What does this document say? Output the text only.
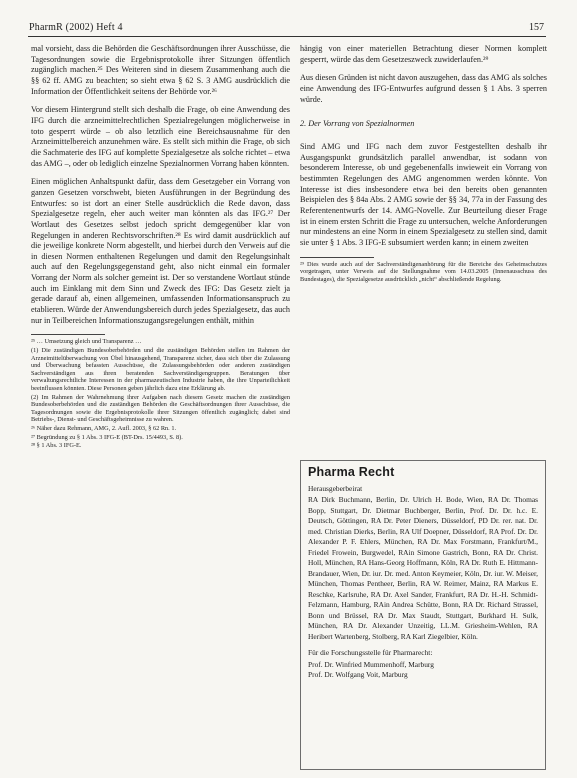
PharmR (2002) Heft 4	157

mal vorsieht, dass die Behörden die Geschäftsordnungen ihrer Ausschüsse, die Tagesordnungen sowie die Ergebnisprotokolle ihrer Sitzungen öffentlich zugänglich machen.²⁵ Des Weiteren sind in diesem Zusammenhang auch die §§ 62 ff. AMG zu beachten; so sieht etwa § 62 S. 3 AMG ausdrücklich die Information der Öffentlichkeit seitens der Behörde vor.²⁶

Vor diesem Hintergrund stellt sich deshalb die Frage, ob eine Anwendung des IFG durch die arzneimittelrechtlichen Spezialregelungen möglicherweise in toto gesperrt würde – ob also letztlich eine Bereichsausnahme für den Arzneimittelbereich anzunehmen wäre. Es stellt sich mithin die Frage, ob sich die Sachmaterie des IFG auf komplette Spezialgesetze als solche richtet – etwa das AMG –, oder ob lediglich einzelne Spezialnormen Vorrang haben könnten.

Einen möglichen Anhaltspunkt dafür, dass dem Gesetzgeber ein Vorrang von ganzen Gesetzen vorschwebt, bieten Ausführungen in der Begründung des Entwurfes: so ist dort an einer Stelle ausdrücklich die Rede davon, dass Spezialgesetze regeln, eher auch weiter man könnten als das IFG.²⁷ Der Wortlaut des Gesetzes selbst jedoch spricht demgegenüber klar von Regelungen in anderen Rechtsvorschriften.²⁸ Es wird damit ausdrücklich auf die jeweilige konkrete Norm abgestellt, und hierbei durch den Verweis auf die in diesen Normen enthaltenen Regelungen und damit den Regelungsinhalt auch auf den Regelungsgegenstand geht, also nicht einmal ein formaler Vorrang der Norm als solcher gemeint ist. Der so verstandene Wortlaut stünde auch im Einklang mit dem Sinn und Zweck des IFG: Das Gesetz zielt ja gerade darauf ab, einen allgemeinen, umfassenden Informationsanspruch zu etablieren. Würde der Anwendungsbereich durch jedes Spezialgesetz, das auch nur in Teilbereichen Informationszugangsregelungen enthält, mithin

²⁵ … Umsetzung gleich und Transparenz …
(1) Die zuständigen Bundesoberbehörden und die zuständigen Behörden stellen im Rahmen der Arzneimittelüberwachung von Übel hinausgehend, Transparenz sicher, dass sich über die Zulassung und Überwachung befassten Ausschüsse, die Zulassungsbehörden oder anderen zuständigen Sachverständigen aus ihren beratenden Sachverständigengruppen. Beratungen über verwaltungsrechtliche Interessen in der pharmazeutischen Industrie haben, die ihre Unparteilichkeit beeinflussen könnten. Diese Personen geben jährlich dazu eine Erklärung ab.
(2) Im Rahmen der Wahrnehmung ihrer Aufgaben nach diesem Gesetz machen die zuständigen Bundesoberbehörden und die zuständigen Behörden die Geschäftsordnungen ihrer Ausschüsse, die Tagesordnungen sowie die Ergebnisprotokolle ihrer Sitzungen öffentlich zugänglich; dabei sind Betriebs-, Dienst- und Geschäftsgeheimnisse zu wahren.
²⁶ Näher dazu Rehmann, AMG, 2. Aufl. 2003, § 62 Rn. 1.
²⁷ Begründung zu § 1 Abs. 3 IFG-E (BT-Drs. 15/4493, S. 8).
²⁸ § 1 Abs. 3 IFG-E.

hängig von einer materiellen Betrachtung dieser Normen komplett gesperrt, würde das dem Gesetzeszweck zuwiderlaufen.²⁹

Aus diesen Gründen ist nicht davon auszugehen, dass das AMG als solches eine Anwendung des IFG-Entwurfes aufgrund dessen § 1 Abs. 3 sperren würde.

2. Der Vorrang von Spezialnormen

Sind AMG und IFG nach dem zuvor Festgestellten deshalb ihr Ausgangspunkt grundsätzlich parallel anwendbar, ist sodann von besonderem Interesse, ob und gegebenenfalls inwieweit ein Vorrang von bestimmten Regelungen des AMG angenommen werden könnte. Von Interesse ist dies insbesondere etwa bei den bereits oben genannten Beispielen des § 84a Abs. 2 AMG sowie der §§ 34, 77a in der Fassung des Referentenentwurfs der 14. AMG-Novelle. Zur Beurteilung dieser Frage ist in einem ersten Schritt die Frage zu untersuchen, welche Anforderungen nur mindestens an eine Norm in einem Spezialgesetz zu stellen sind, damit sie unter § 1 Abs. 3 IFG-E subsumiert werden kann; in einem zweiten

²⁹ Dies wurde auch auf der Sachverständigenanhörung für die Bereiche des Geheimschutzes vorgetragen, unter Verweis auf die Stellungnahme vom 14.03.2005 (Innenausschuss des Bundestages), die Spezialgesetze ausdrücklich „nicht“ abschließende Regelung.
Pharma Recht
Herausgeberbeirat

RA Dirk Buchmann, Berlin, Dr. Ulrich H. Bode, Wien, RA Dr. Thomas Bopp, Stuttgart, Dr. Dietmar Buchberger, Berlin, Prof. Dr. Dr. h.c. E. Deutsch, Göttingen, RA Dr. Peter Dieners, Düsseldorf, PD Dr. rer. nat. Dr. med. Christian Dierks, Berlin, RA Ulf Doepner, Düsseldorf, RA Prof. Dr. Dr. Alexander P. F. Ehlers, München, RA Dr. Max Forstmann, Frankfurt/M., Friedel Frowein, Burgwedel, RAin Simone Gastrich, Bonn, RA Dr. Christ. Holl, München, RA Hans-Georg Hoffmann, Köln, RA Dr. Ruth E. Hittmann-Brandauer, Wien, Dr. iur. Dr. med. Anton Keymeier, Köln, Dr. iur. W. Meiser, München, Thomas Pentheer, Berlin, RA W. Reimer, Mainz, RA Markus E. Reschke, Karlsruhe, RA Dr. Axel Sander, Frankfurt, RA Dr. H.-H. Schmidt-Felzmann, Hamburg, RAin Andrea Schütte, Bonn, RA Dr. Richard Strassel, Bonn und Brüssel, RA Dr. Max Staudt, Stuttgart, Burkhard H. Sulk, München, RA Dr. Alexander Unzeitig, LL.M. Griesheim-Wehlen, RA Heribert Wartenberg, Stolberg, RA Karl Ziegelbier, Köln.

Für die Forschungsstelle für Pharmarecht:
Prof. Dr. Winfried Mummenhoff, Marburg
Prof. Dr. Wolfgang Voit, Marburg
